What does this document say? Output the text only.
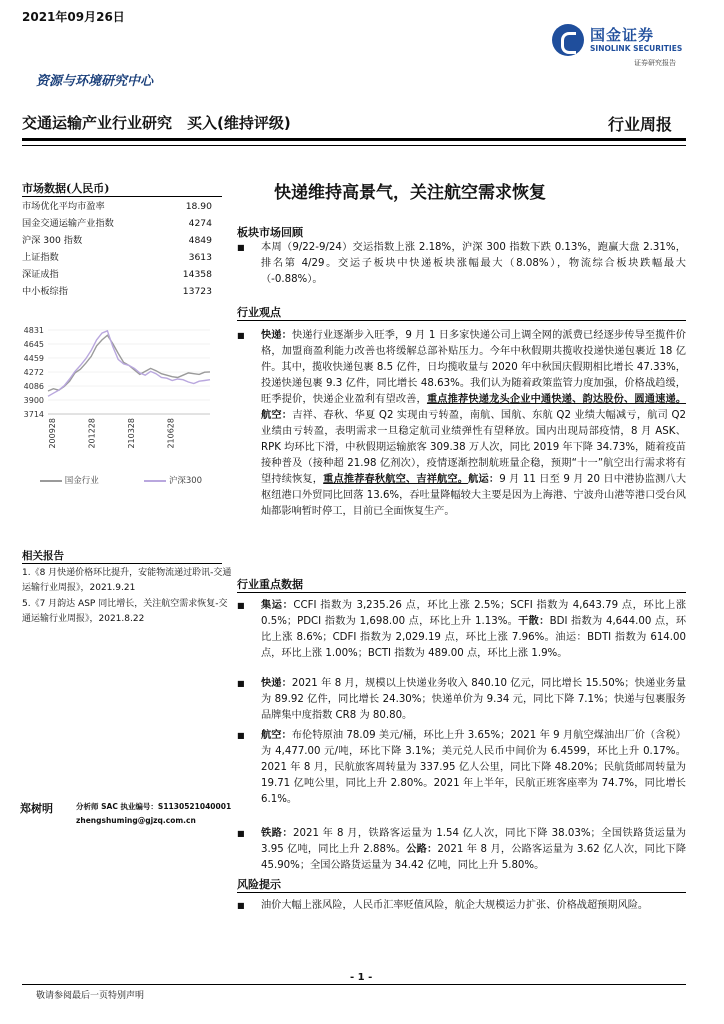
2021年09月26日
国金证券
SINOLINK SECURITIES
证券研究报告
资源与环境研究中心
交通运输产业行业研究　买入(维持评级)	行业周报
市场数据(人民币)
市场优化平均市盈率	18.90
国金交通运输产业指数	4274
沪深 300 指数	4849
上证指数	3613
深证成指	14358
中小板综指	13723
4831
4645
4459
4272
4086
3900
3714
200928	201228	210328	210628
国金行业	沪深300
相关报告
1.《8 月快递价格环比提升，安能物流递过聆讯-交通运输行业周报》，2021.9.21
5.《7 月韵达 ASP 同比增长，关注航空需求恢复-交通运输行业周报》，2021.8.22
郑树明	分析师 SAC 执业编号：S1130521040001
zhengshuming@gjzq.com.cn
快递维持高景气，关注航空需求恢复
板块市场回顾
■ 本周（9/22-9/24）交运指数上涨 2.18%，沪深 300 指数下跌 0.13%，跑赢大盘 2.31%，排名第 4/29。交运子板块中快递板块涨幅最大（8.08%），物流综合板块跌幅最大（-0.88%）。
行业观点
■ 快递：快递行业逐渐步入旺季，9 月 1 日多家快递公司上调全网的派费已经逐步传导至揽件价格，加盟商盈利能力改善也将缓解总部补贴压力。今年中秋假期共揽收投递快递包裹近 18 亿件。其中，揽收快递包裹 8.5 亿件，日均揽收量与 2020 年中秋国庆假期相比增长 47.33%，投递快递包裹 9.3 亿件，同比增长 48.63%。我们认为随着政策监管力度加强，价格战趋缓，旺季提价，快递企业盈利有望改善，重点推荐快递龙头企业中通快递、韵达股份、圆通速递。航空：吉祥、春秋、华夏 Q2 实现由亏转盈，南航、国航、东航 Q2 业绩大幅减亏，航司 Q2 业绩由亏转盈，表明需求一旦稳定航司业绩弹性有望释放。国内出现局部疫情，8 月 ASK、RPK 均环比下滑，中秋假期运输旅客 309.38 万人次，同比 2019 年下降 34.73%，随着疫苗接种普及（接种超 21.98 亿剂次），疫情逐渐控制航班量企稳，预期“十一”航空出行需求将有望持续恢复，重点推荐春秋航空、吉祥航空。航运：9 月 11 日至 9 月 20 日中港协监测八大枢纽港口外贸同比回落 13.6%，吞吐量降幅较大主要是因为上海港、宁波舟山港等港口受台风灿都影响暂时停工，目前已全面恢复生产。
行业重点数据
■ 集运：CCFI 指数为 3,235.26 点，环比上涨 2.5%；SCFI 指数为 4,643.79 点，环比上涨 0.5%；PDCI 指数为 1,698.00 点，环比上升 1.13%。干散：BDI 指数为 4,644.00 点，环比上涨 8.6%；CDFI 指数为 2,029.19 点，环比上涨 7.96%。油运：BDTI 指数为 614.00 点，环比上涨 1.00%；BCTI 指数为 489.00 点，环比上涨 1.9%。
■ 快递：2021 年 8 月，规模以上快递业务收入 840.10 亿元，同比增长 15.50%；快递业务量为 89.92 亿件，同比增长 24.30%；快递单价为 9.34 元，同比下降 7.1%；快递与包裹服务品牌集中度指数 CR8 为 80.80。
■ 航空：布伦特原油 78.09 美元/桶，环比上升 3.65%；2021 年 9 月航空煤油出厂价（含税）为 4,477.00 元/吨，环比下降 3.1%；美元兑人民币中间价为 6.4599，环比上升 0.17%。2021 年 8 月，民航旅客周转量为 337.95 亿人公里，同比下降 48.20%；民航货邮周转量为 19.71 亿吨公里，同比上升 2.80%。2021 年上半年，民航正班客座率为 74.7%，同比增长 6.1%。
■ 铁路：2021 年 8 月，铁路客运量为 1.54 亿人次，同比下降 38.03%；全国铁路货运量为 3.95 亿吨，同比上升 2.88%。公路：2021 年 8 月，公路客运量为 3.62 亿人次，同比下降 45.90%；全国公路货运量为 34.42 亿吨，同比上升 5.80%。
风险提示
■ 油价大幅上涨风险，人民币汇率贬值风险，航企大规模运力扩张、价格战超预期风险。
- 1 -
敬请参阅最后一页特别声明
